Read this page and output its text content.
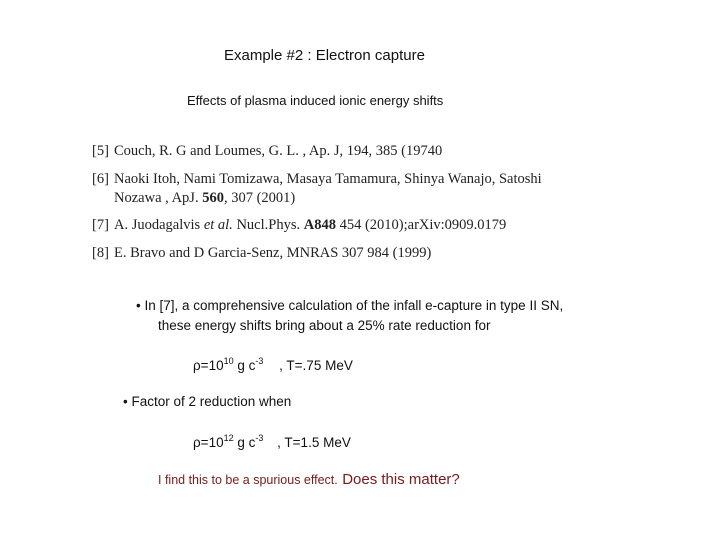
Example #2 : Electron capture
Effects of plasma induced ionic energy shifts
[5] Couch, R. G and Loumes, G. L. , Ap. J, 194, 385 (19740
[6] Naoki Itoh, Nami Tomizawa, Masaya Tamamura, Shinya Wanajo, Satoshi
Nozawa , ApJ. 560, 307 (2001)
[7] A. Juodagalvis et al. Nucl.Phys. A848 454 (2010);arXiv:0909.0179
[8] E. Bravo and D Garcia-Senz, MNRAS 307 984 (1999)
• In [7], a comprehensive calculation of the infall e-capture in type II SN,
these energy shifts bring about a 25% rate reduction for
$\rho=10^{10}$ g $c^{-3}$ , T=.75 MeV
• Factor of 2 reduction when
$\rho=10^{12}$ g $c^{-3}$ , T=1.5 MeV
I find this to be a spurious effect. Does this matter?
